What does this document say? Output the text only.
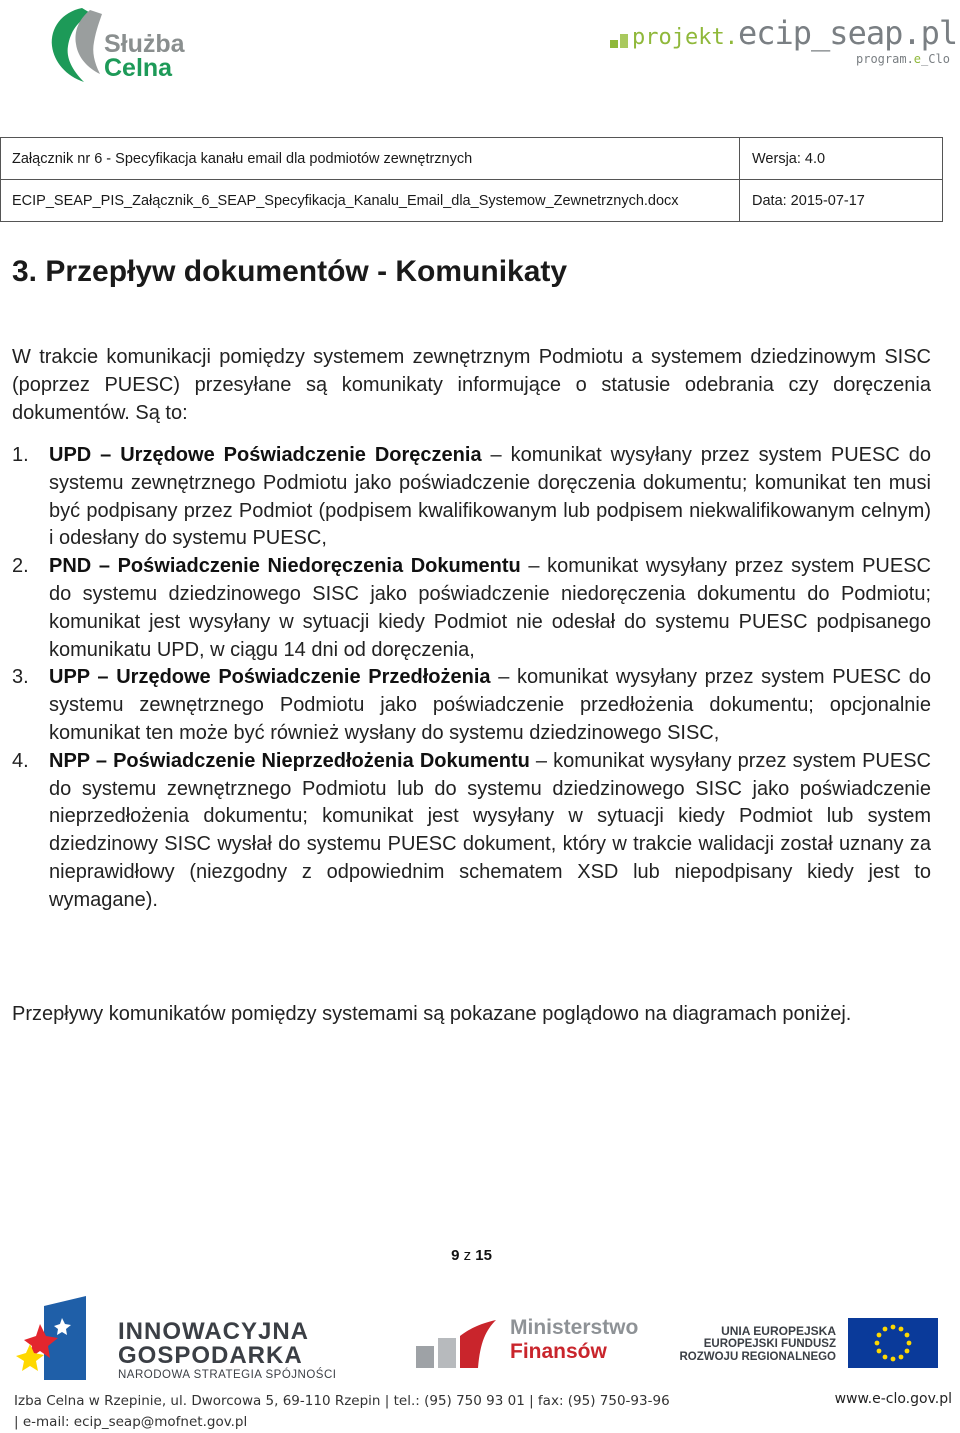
Służba
Celna
projekt.ecip_seap.pl
program.e_Clo
Załącznik nr 6 - Specyfikacja kanału email dla podmiotów zewnętrznych	Wersja: 4.0
ECIP_SEAP_PIS_Załącznik_6_SEAP_Specyfikacja_Kanalu_Email_dla_Systemow_Zewnetrznych.docx	Data: 2015-07-17
3. Przepływ dokumentów - Komunikaty

W trakcie komunikacji pomiędzy systemem zewnętrznym Podmiotu a systemem dziedzinowym SISC (poprzez PUESC) przesyłane są komunikaty informujące o statusie odebrania czy doręczenia dokumentów. Są to:

1. UPD – Urzędowe Poświadczenie Doręczenia – komunikat wysyłany przez system PUESC do systemu zewnętrznego Podmiotu jako poświadczenie doręczenia dokumentu; komunikat ten musi być podpisany przez Podmiot (podpisem kwalifikowanym lub podpisem niekwalifikowanym celnym) i odesłany do systemu PUESC,
2. PND – Poświadczenie Niedoręczenia Dokumentu – komunikat wysyłany przez system PUESC do systemu dziedzinowego SISC jako poświadczenie niedoręczenia dokumentu do Podmiotu; komunikat jest wysyłany w sytuacji kiedy Podmiot nie odesłał do systemu PUESC podpisanego komunikatu UPD, w ciągu 14 dni od doręczenia,
3. UPP – Urzędowe Poświadczenie Przedłożenia – komunikat wysyłany przez system PUESC do systemu zewnętrznego Podmiotu jako poświadczenie przedłożenia dokumentu; opcjonalnie komunikat ten może być również wysłany do systemu dziedzinowego SISC,
4. NPP – Poświadczenie Nieprzedłożenia Dokumentu – komunikat wysyłany przez system PUESC do systemu zewnętrznego Podmiotu lub do systemu dziedzinowego SISC jako poświadczenie nieprzedłożenia dokumentu; komunikat jest wysyłany w sytuacji kiedy Podmiot lub system dziedzinowy SISC wysłał do systemu PUESC dokument, który w trakcie walidacji został uznany za nieprawidłowy (niezgodny z odpowiednim schematem XSD lub niepodpisany kiedy jest to wymagane).

Przepływy komunikatów pomiędzy systemami są pokazane poglądowo na diagramach poniżej.

9 z 15
INNOWACYJNA
GOSPODARKA
NARODOWA STRATEGIA SPÓJNOŚCI
Ministerstwo
Finansów
UNIA EUROPEJSKA
EUROPEJSKI FUNDUSZ
ROZWOJU REGIONALNEGO
Izba Celna w Rzepinie, ul. Dworcowa 5, 69-110 Rzepin | tel.: (95) 750 93 01 | fax: (95) 750-93-96
| e-mail: ecip_seap@mofnet.gov.pl
www.e-clo.gov.pl
